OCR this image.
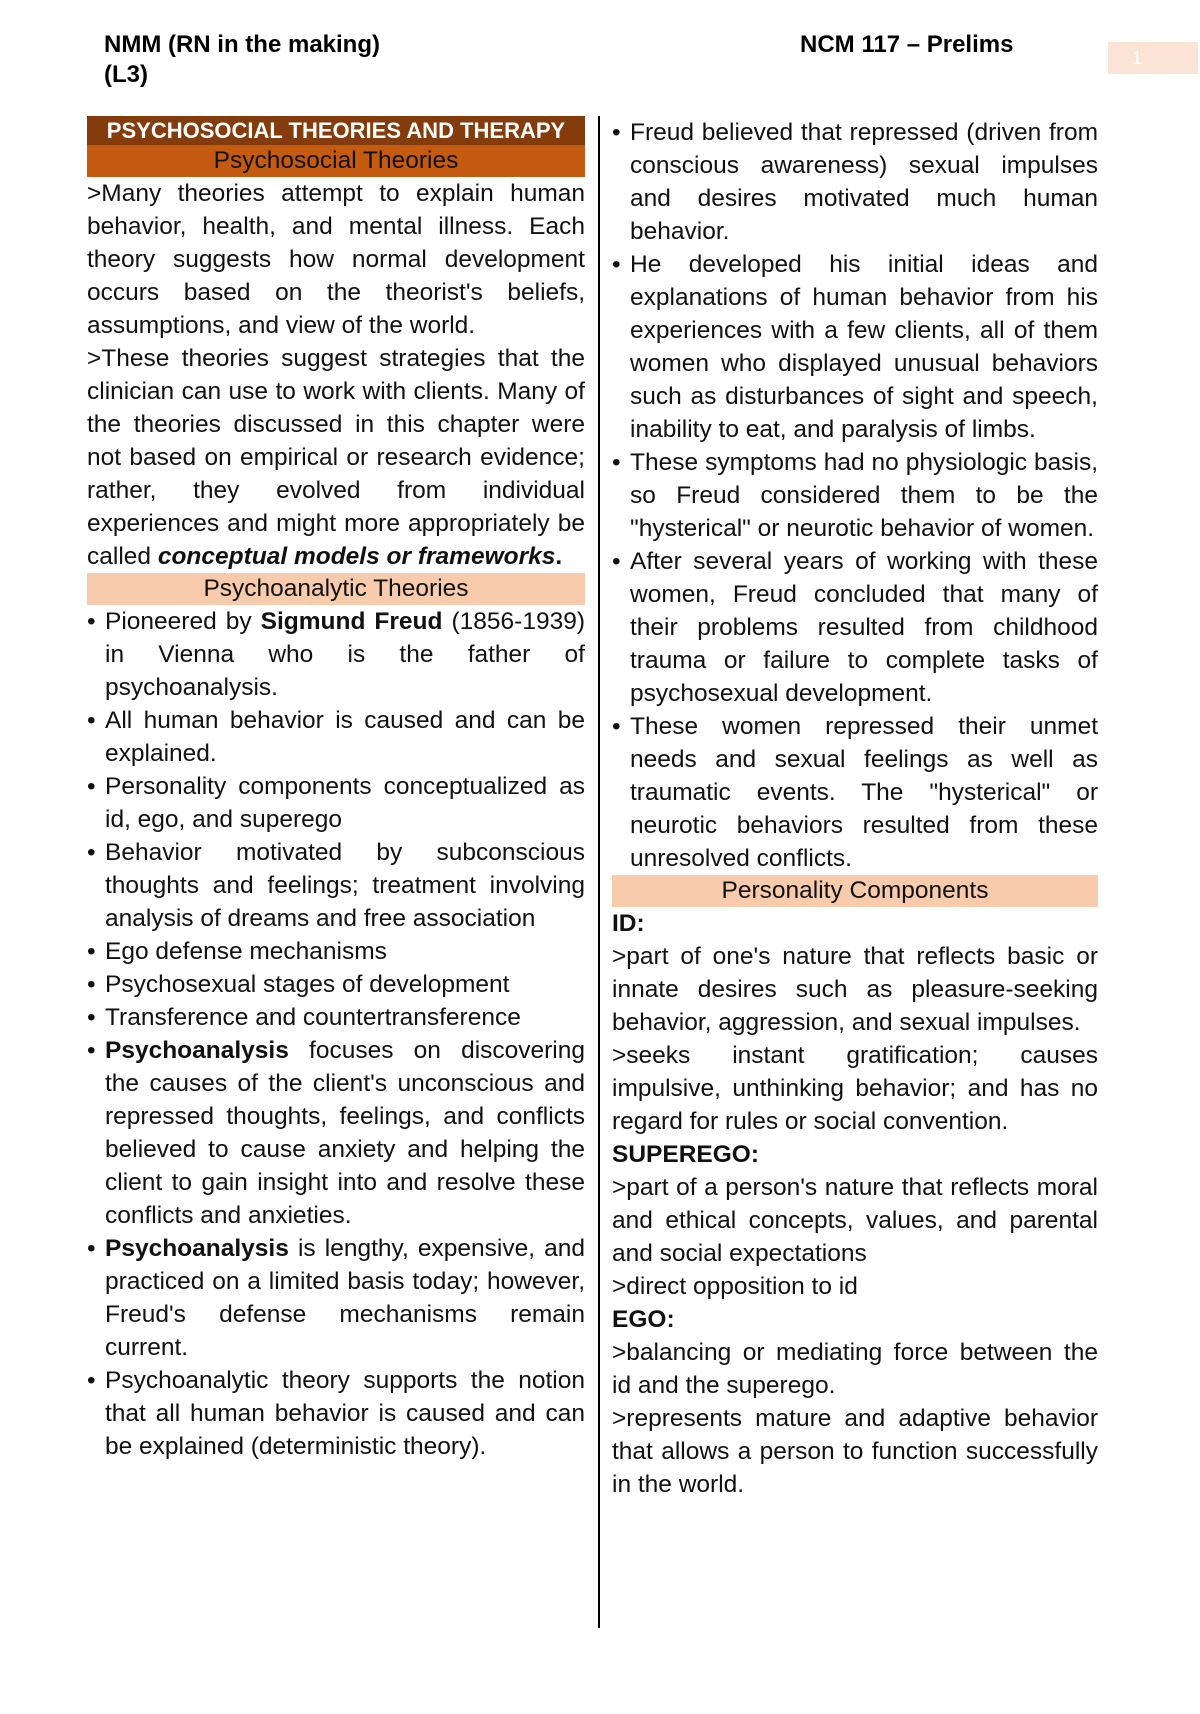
NMM (RN in the making)
(L3)
NCM 117 – Prelims	1
PSYCHOSOCIAL THEORIES AND THERAPY
Psychosocial Theories
>Many theories attempt to explain human behavior, health, and mental illness. Each theory suggests how normal development occurs based on the theorist's beliefs, assumptions, and view of the world.
>These theories suggest strategies that the clinician can use to work with clients. Many of the theories discussed in this chapter were not based on empirical or research evidence; rather, they evolved from individual experiences and might more appropriately be called conceptual models or frameworks.
Psychoanalytic Theories
• Pioneered by Sigmund Freud (1856-1939) in Vienna who is the father of psychoanalysis.
• All human behavior is caused and can be explained.
• Personality components conceptualized as id, ego, and superego
• Behavior motivated by subconscious thoughts and feelings; treatment involving analysis of dreams and free association
• Ego defense mechanisms
• Psychosexual stages of development
• Transference and countertransference
• Psychoanalysis focuses on discovering the causes of the client's unconscious and repressed thoughts, feelings, and conflicts believed to cause anxiety and helping the client to gain insight into and resolve these conflicts and anxieties.
• Psychoanalysis is lengthy, expensive, and practiced on a limited basis today; however, Freud's defense mechanisms remain current.
• Psychoanalytic theory supports the notion that all human behavior is caused and can be explained (deterministic theory).
• Freud believed that repressed (driven from conscious awareness) sexual impulses and desires motivated much human behavior.
• He developed his initial ideas and explanations of human behavior from his experiences with a few clients, all of them women who displayed unusual behaviors such as disturbances of sight and speech, inability to eat, and paralysis of limbs.
• These symptoms had no physiologic basis, so Freud considered them to be the "hysterical" or neurotic behavior of women.
• After several years of working with these women, Freud concluded that many of their problems resulted from childhood trauma or failure to complete tasks of psychosexual development.
• These women repressed their unmet needs and sexual feelings as well as traumatic events. The "hysterical" or neurotic behaviors resulted from these unresolved conflicts.
Personality Components
ID:
>part of one's nature that reflects basic or innate desires such as pleasure-seeking behavior, aggression, and sexual impulses.
>seeks instant gratification; causes impulsive, unthinking behavior; and has no regard for rules or social convention.
SUPEREGO:
>part of a person's nature that reflects moral and ethical concepts, values, and parental and social expectations
>direct opposition to id
EGO:
>balancing or mediating force between the id and the superego.
>represents mature and adaptive behavior that allows a person to function successfully in the world.
